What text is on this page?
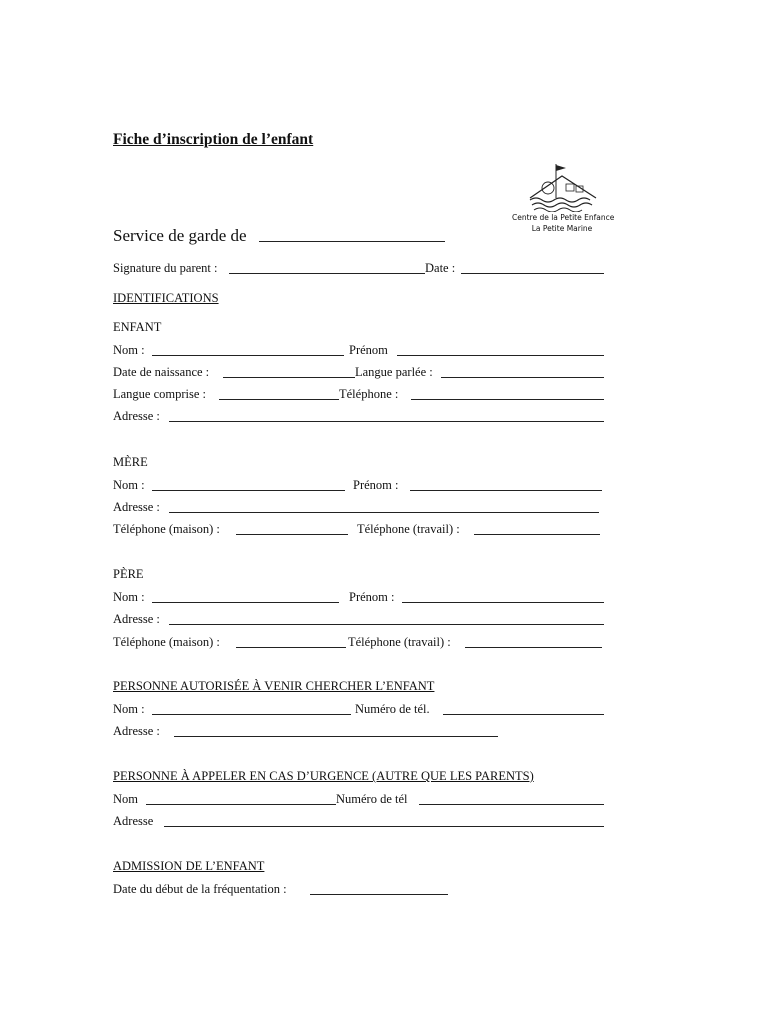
Fiche d’inscription de l’enfant
Centre de la Petite Enfance
La Petite Marine
Service de garde de
Signature du parent :	Date :
IDENTIFICATIONS
ENFANT
Nom :	Prénom
Date de naissance :	Langue parlée :
Langue comprise :	Téléphone :
Adresse :
MÈRE
Nom :	Prénom :
Adresse :
Téléphone (maison) :	Téléphone (travail) :
PÈRE
Nom :	Prénom :
Adresse :
Téléphone (maison) :	Téléphone (travail) :
PERSONNE AUTORISÉE À VENIR CHERCHER L’ENFANT
Nom :	Numéro de tél.
Adresse :
PERSONNE À APPELER EN CAS D’URGENCE (AUTRE QUE LES PARENTS)
Nom	Numéro de tél
Adresse
ADMISSION DE L’ENFANT
Date du début de la fréquentation :
